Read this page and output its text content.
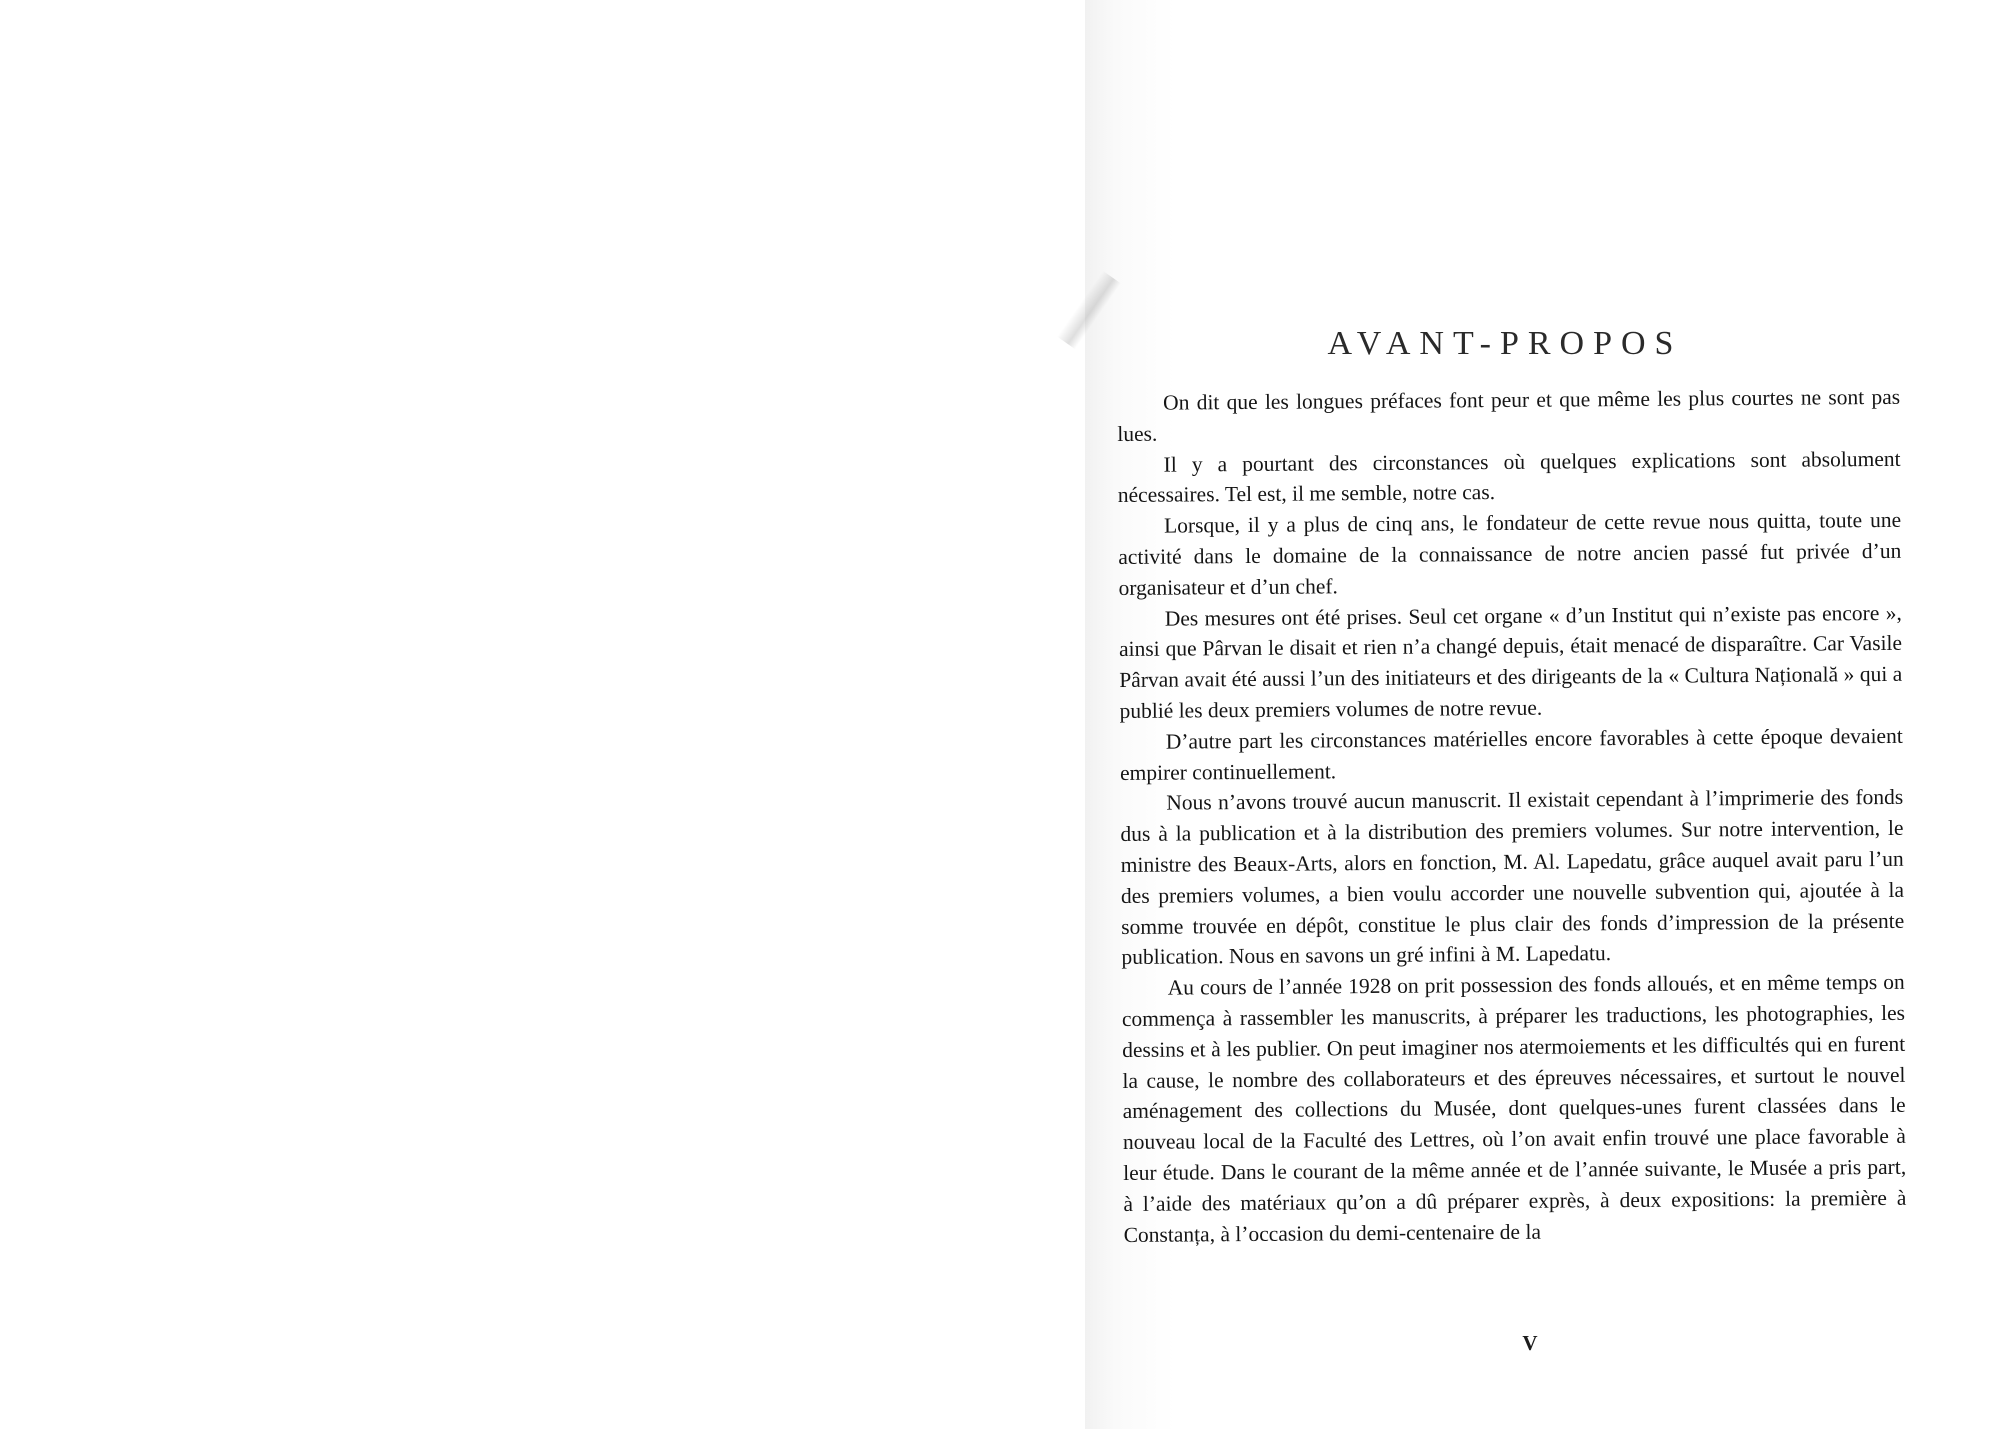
AVANT-PROPOS

On dit que les longues préfaces font peur et que même les plus courtes ne sont pas lues.

Il y a pourtant des circonstances où quelques explications sont absolument nécessaires. Tel est, il me semble, notre cas.

Lorsque, il y a plus de cinq ans, le fondateur de cette revue nous quitta, toute une activité dans le domaine de la connaissance de notre ancien passé fut privée d’un organisateur et d’un chef.

Des mesures ont été prises. Seul cet organe « d’un Institut qui n’existe pas encore », ainsi que Pârvan le disait et rien n’a changé depuis, était menacé de disparaître. Car Vasile Pârvan avait été aussi l’un des initiateurs et des dirigeants de la « Cultura Națională » qui a publié les deux premiers volumes de notre revue.

D’autre part les circonstances matérielles encore favorables à cette époque devaient empirer continuellement.

Nous n’avons trouvé aucun manuscrit. Il existait cependant à l’imprimerie des fonds dus à la publication et à la distribution des premiers volumes. Sur notre intervention, le ministre des Beaux-Arts, alors en fonction, M. Al. Lapedatu, grâce auquel avait paru l’un des premiers volumes, a bien voulu accorder une nouvelle subvention qui, ajoutée à la somme trouvée en dépôt, constitue le plus clair des fonds d’impression de la présente publication. Nous en savons un gré infini à M. Lapedatu.

Au cours de l’année 1928 on prit possession des fonds alloués, et en même temps on commença à rassembler les manuscrits, à préparer les traductions, les photographies, les dessins et à les publier. On peut imaginer nos atermoiements et les difficultés qui en furent la cause, le nombre des collaborateurs et des épreuves nécessaires, et surtout le nouvel aménagement des collections du Musée, dont quelques-unes furent classées dans le nouveau local de la Faculté des Lettres, où l’on avait enfin trouvé une place favorable à leur étude. Dans le courant de la même année et de l’année suivante, le Musée a pris part, à l’aide des matériaux qu’on a dû préparer exprès, à deux expositions: la première à Constanța, à l’occasion du demi-centenaire de la

V
